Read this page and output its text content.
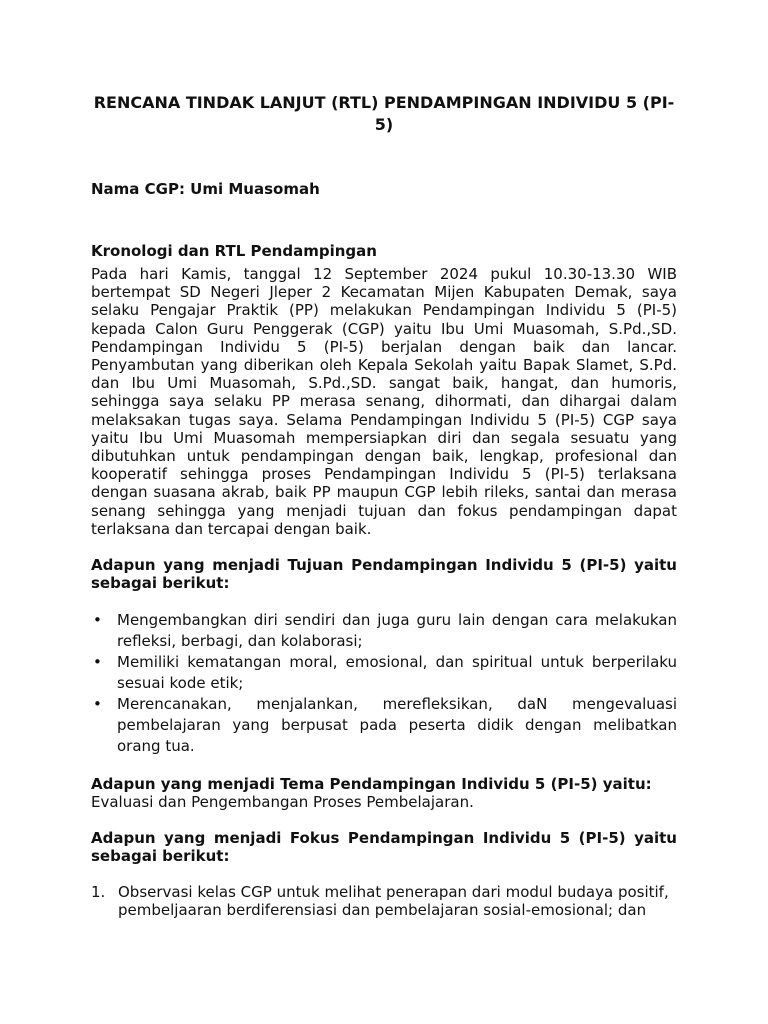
RENCANA TINDAK LANJUT (RTL) PENDAMPINGAN INDIVIDU 5 (PI-5)
Nama CGP: Umi Muasomah
Kronologi dan RTL Pendampingan

Pada hari Kamis, tanggal 12 September 2024 pukul 10.30-13.30 WIB bertempat SD Negeri Jleper 2 Kecamatan Mijen Kabupaten Demak, saya selaku Pengajar Praktik (PP) melakukan Pendampingan Individu 5 (PI-5) kepada Calon Guru Penggerak (CGP) yaitu Ibu Umi Muasomah, S.Pd.,SD. Pendampingan Individu 5 (PI-5) berjalan dengan baik dan lancar. Penyambutan yang diberikan oleh Kepala Sekolah yaitu Bapak Slamet, S.Pd. dan Ibu Umi Muasomah, S.Pd.,SD. sangat baik, hangat, dan humoris, sehingga saya selaku PP merasa senang, dihormati, dan dihargai dalam melaksakan tugas saya. Selama Pendampingan Individu 5 (PI-5) CGP saya yaitu Ibu Umi Muasomah mempersiapkan diri dan segala sesuatu yang dibutuhkan untuk pendampingan dengan baik, lengkap, profesional dan kooperatif sehingga proses Pendampingan Individu 5 (PI-5) terlaksana dengan suasana akrab, baik PP maupun CGP lebih rileks, santai dan merasa senang sehingga yang menjadi tujuan dan fokus pendampingan dapat terlaksana dan tercapai dengan baik.

Adapun yang menjadi Tujuan Pendampingan Individu 5 (PI-5) yaitu sebagai berikut:
• Mengembangkan diri sendiri dan juga guru lain dengan cara melakukan refleksi, berbagi, dan kolaborasi;
• Memiliki kematangan moral, emosional, dan spiritual untuk berperilaku sesuai kode etik;
• Merencanakan, menjalankan, merefleksikan, daN mengevaluasi pembelajaran yang berpusat pada peserta didik dengan melibatkan orang tua.
Adapun yang menjadi Tema Pendampingan Individu 5 (PI-5) yaitu:
Evaluasi dan Pengembangan Proses Pembelajaran.
Adapun yang menjadi Fokus Pendampingan Individu 5 (PI-5) yaitu sebagai berikut:
1. Observasi kelas CGP untuk melihat penerapan dari modul budaya positif, pembeljaaran berdiferensiasi dan pembelajaran sosial-emosional; dan
